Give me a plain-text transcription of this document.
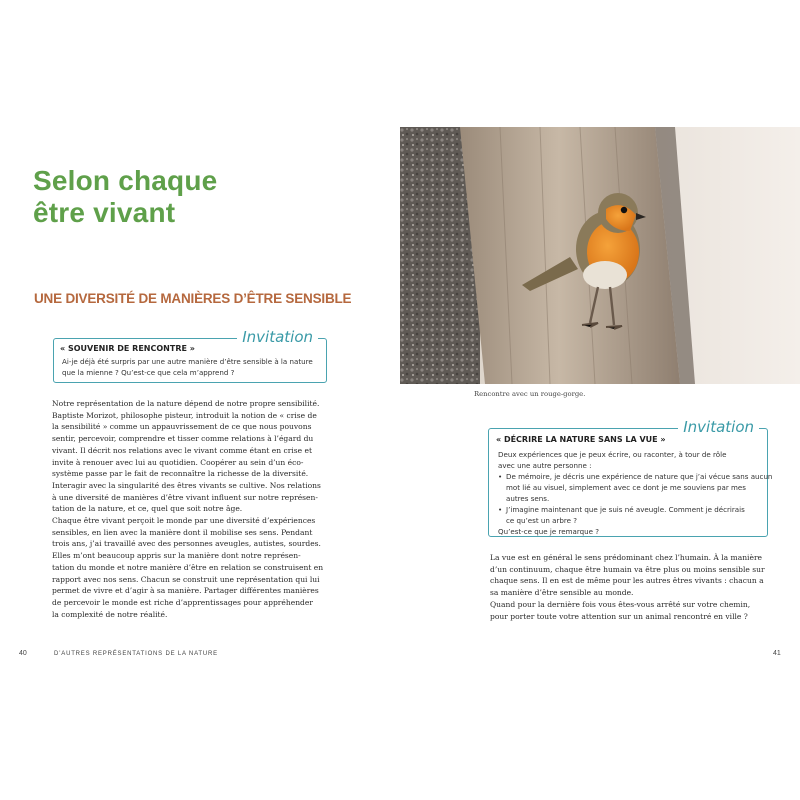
Selon chaque
être vivant
UNE DIVERSITÉ DE MANIÈRES D’ÊTRE SENSIBLE
Invitation
« SOUVENIR DE RENCONTRE »
Ai-je déjà été surpris par une autre manière d’être sensible à la nature
que la mienne ? Qu’est-ce que cela m’apprend ?
Notre représentation de la nature dépend de notre propre sensibilité.
Baptiste Morizot, philosophe pisteur, introduit la notion de « crise de
la sensibilité » comme un appauvrissement de ce que nous pouvons
sentir, percevoir, comprendre et tisser comme relations à l’égard du
vivant. Il décrit nos relations avec le vivant comme étant en crise et
invite à renouer avec lui au quotidien. Coopérer au sein d’un éco-
système passe par le fait de reconnaître la richesse de la diversité.
Interagir avec la singularité des êtres vivants se cultive. Nos relations
à une diversité de manières d’être vivant influent sur notre représen-
tation de la nature, et ce, quel que soit notre âge.
Chaque être vivant perçoit le monde par une diversité d’expériences
sensibles, en lien avec la manière dont il mobilise ses sens. Pendant
trois ans, j’ai travaillé avec des personnes aveugles, autistes, sourdes.
Elles m’ont beaucoup appris sur la manière dont notre représen-
tation du monde et notre manière d’être en relation se construisent en
rapport avec nos sens. Chacun se construit une représentation qui lui
permet de vivre et d’agir à sa manière. Partager différentes manières
de percevoir le monde est riche d’apprentissages pour appréhender
la complexité de notre réalité.
40	D’AUTRES REPRÉSENTATIONS DE LA NATURE
Rencontre avec un rouge-gorge.
Invitation
« DÉCRIRE LA NATURE SANS LA VUE »
Deux expériences que je peux écrire, ou raconter, à tour de rôle
avec une autre personne :
• De mémoire, je décris une expérience de nature que j’ai vécue sans aucun
mot lié au visuel, simplement avec ce dont je me souviens par mes
autres sens.
• J’imagine maintenant que je suis né aveugle. Comment je décrirais
ce qu’est un arbre ?
Qu’est-ce que je remarque ?
La vue est en général le sens prédominant chez l’humain. À la manière
d’un continuum, chaque être humain va être plus ou moins sensible sur
chaque sens. Il en est de même pour les autres êtres vivants : chacun a
sa manière d’être sensible au monde.
Quand pour la dernière fois vous êtes-vous arrêté sur votre chemin,
pour porter toute votre attention sur un animal rencontré en ville ?
41
